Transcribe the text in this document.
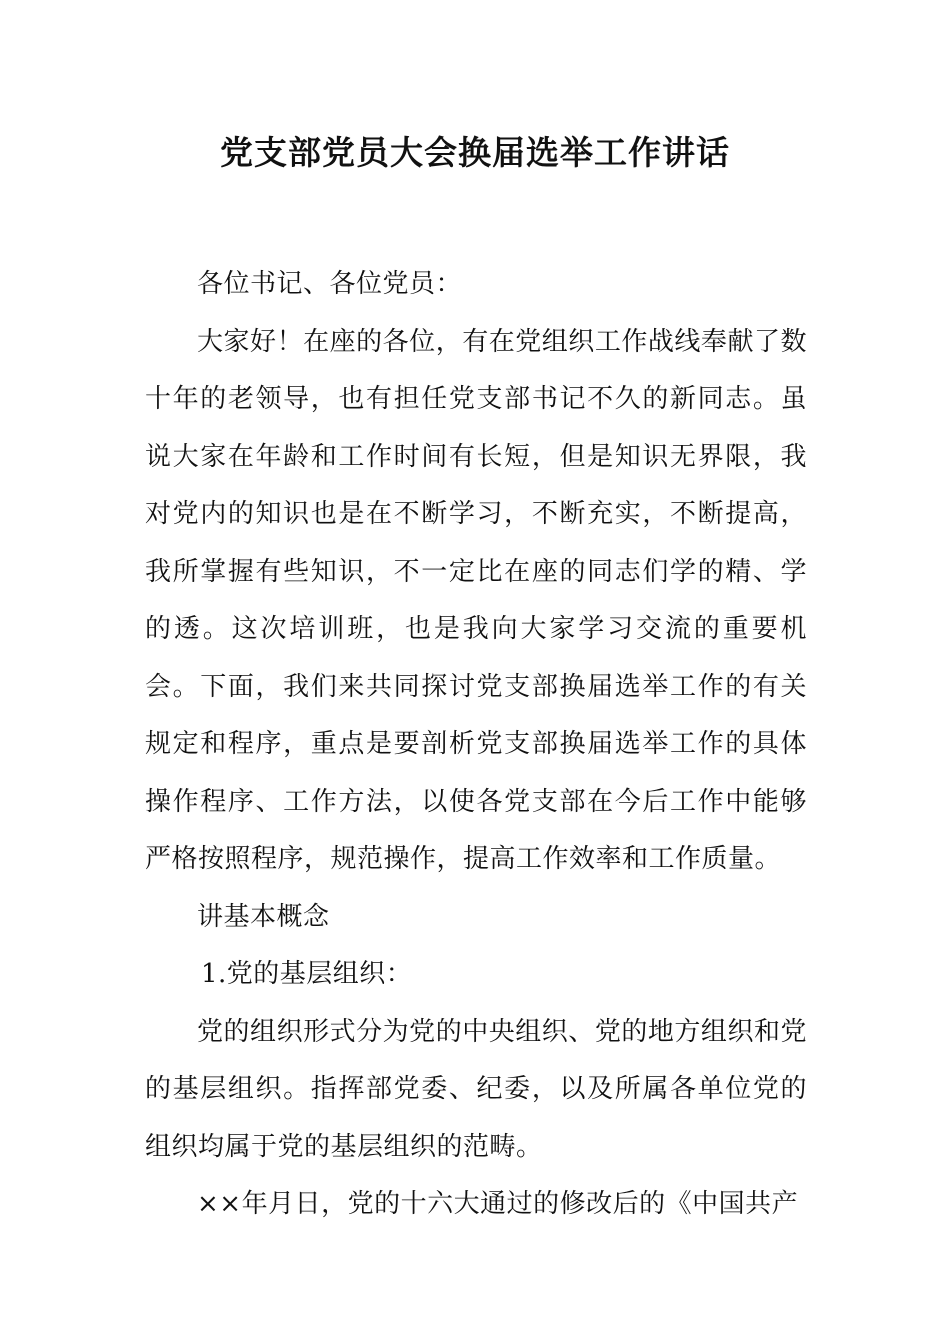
党支部党员大会换届选举工作讲话

各位书记、各位党员：

大家好！在座的各位，有在党组织工作战线奉献了数十年的老领导，也有担任党支部书记不久的新同志。虽说大家在年龄和工作时间有长短，但是知识无界限，我对党内的知识也是在不断学习，不断充实，不断提高，我所掌握有些知识，不一定比在座的同志们学的精、学的透。这次培训班，也是我向大家学习交流的重要机会。下面，我们来共同探讨党支部换届选举工作的有关规定和程序，重点是要剖析党支部换届选举工作的具体操作程序、工作方法，以使各党支部在今后工作中能够严格按照程序，规范操作，提高工作效率和工作质量。

讲基本概念

1.党的基层组织：

党的组织形式分为党的中央组织、党的地方组织和党的基层组织。指挥部党委、纪委，以及所属各单位党的组织均属于党的基层组织的范畴。

××年月日，党的十六大通过的修改后的《中国共产
